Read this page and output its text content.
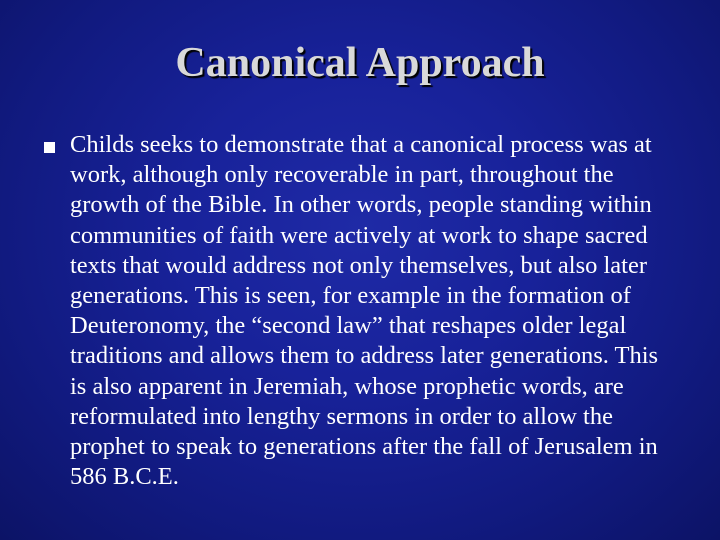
Canonical Approach

Childs seeks to demonstrate that a canonical process was at work, although only recoverable in part, throughout the growth of the Bible. In other words, people standing within communities of faith were actively at work to shape sacred texts that would address not only themselves, but also later generations. This is seen, for example in the formation of Deuteronomy, the “second law” that reshapes older legal traditions and allows them to address later generations. This is also apparent in Jeremiah, whose prophetic words, are reformulated into lengthy sermons in order to allow the prophet to speak to generations after the fall of Jerusalem in 586 B.C.E.
